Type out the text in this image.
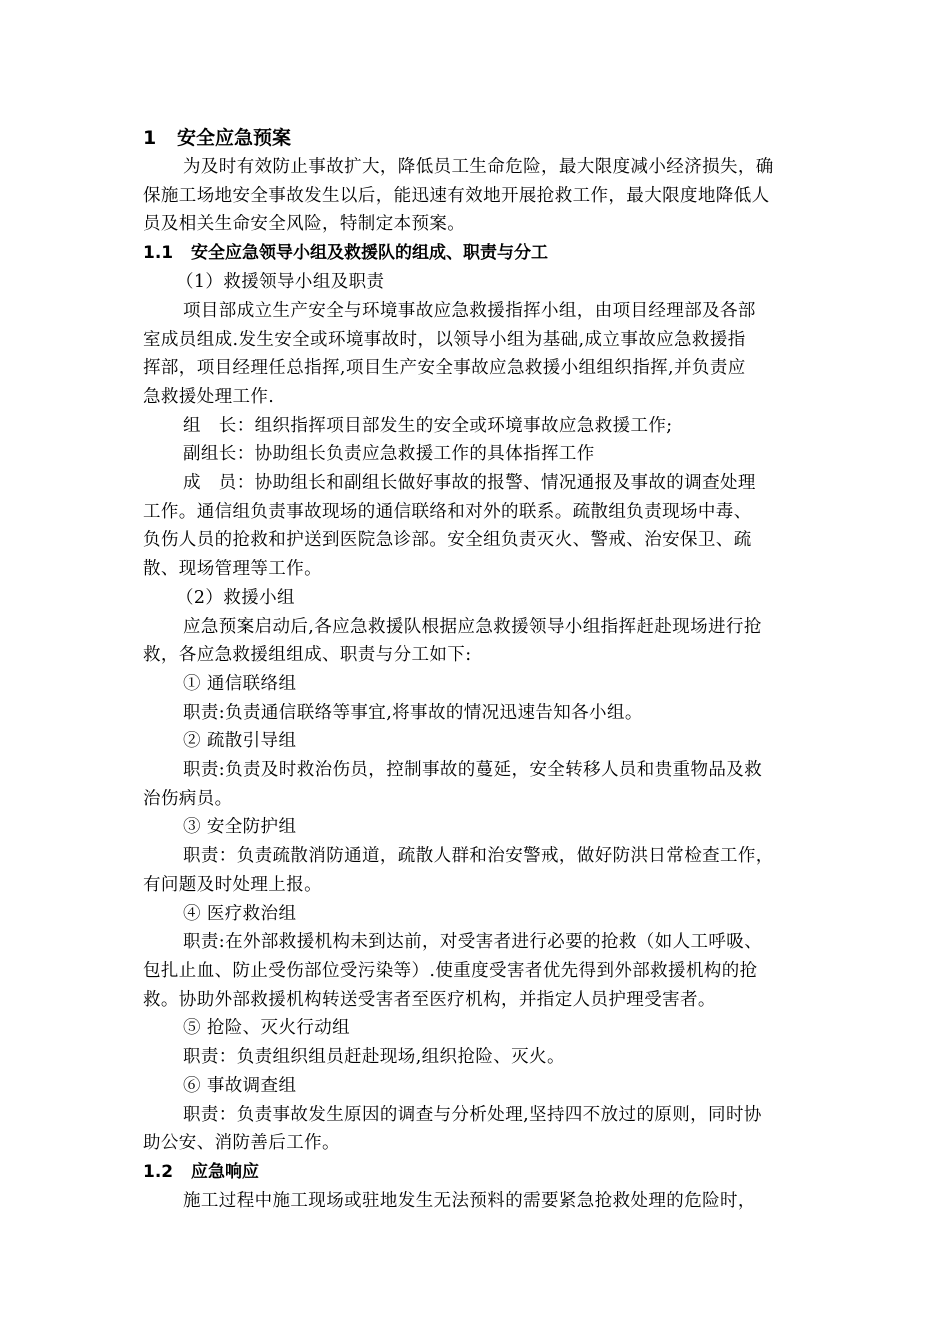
1 安全应急预案
为及时有效防止事故扩大，降低员工生命危险，最大限度减小经济损失，确
保施工场地安全事故发生以后，能迅速有效地开展抢救工作，最大限度地降低人
员及相关生命安全风险，特制定本预案。
1.1 安全应急领导小组及救援队的组成、职责与分工
（1）救援领导小组及职责
项目部成立生产安全与环境事故应急救援指挥小组，由项目经理部及各部
室成员组成.发生安全或环境事故时，以领导小组为基础,成立事故应急救援指
挥部，项目经理任总指挥,项目生产安全事故应急救援小组组织指挥,并负责应
急救援处理工作.
组　长：组织指挥项目部发生的安全或环境事故应急救援工作;
副组长：协助组长负责应急救援工作的具体指挥工作
成　员：协助组长和副组长做好事故的报警、情况通报及事故的调查处理
工作。通信组负责事故现场的通信联络和对外的联系。疏散组负责现场中毒、
负伤人员的抢救和护送到医院急诊部。安全组负责灭火、警戒、治安保卫、疏
散、现场管理等工作。
（2）救援小组
应急预案启动后,各应急救援队根据应急救援领导小组指挥赶赴现场进行抢
救，各应急救援组组成、职责与分工如下:
① 通信联络组
职责:负责通信联络等事宜,将事故的情况迅速告知各小组。
② 疏散引导组
职责:负责及时救治伤员，控制事故的蔓延，安全转移人员和贵重物品及救
治伤病员。
③ 安全防护组
职责：负责疏散消防通道，疏散人群和治安警戒，做好防洪日常检查工作，
有问题及时处理上报。
④ 医疗救治组
职责:在外部救援机构未到达前，对受害者进行必要的抢救（如人工呼吸、
包扎止血、防止受伤部位受污染等）.使重度受害者优先得到外部救援机构的抢
救。协助外部救援机构转送受害者至医疗机构，并指定人员护理受害者。
⑤ 抢险、灭火行动组
职责：负责组织组员赶赴现场,组织抢险、灭火。
⑥ 事故调查组
职责：负责事故发生原因的调查与分析处理,坚持四不放过的原则，同时协
助公安、消防善后工作。
1.2 应急响应
施工过程中施工现场或驻地发生无法预料的需要紧急抢救处理的危险时，
